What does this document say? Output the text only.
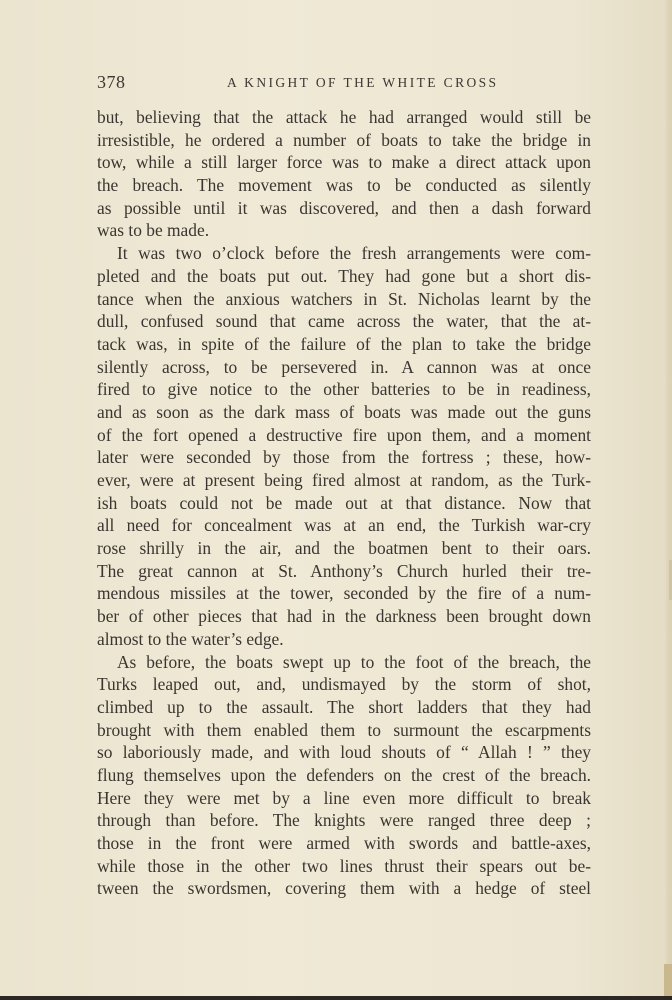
378	A KNIGHT OF THE WHITE CROSS
but, believing that the attack he had arranged would still be
irresistible, he ordered a number of boats to take the bridge in
tow, while a still larger force was to make a direct attack upon
the breach. The movement was to be conducted as silently
as possible until it was discovered, and then a dash forward
was to be made.
It was two o’clock before the fresh arrangements were com-
pleted and the boats put out. They had gone but a short dis-
tance when the anxious watchers in St. Nicholas learnt by the
dull, confused sound that came across the water, that the at-
tack was, in spite of the failure of the plan to take the bridge
silently across, to be persevered in. A cannon was at once
fired to give notice to the other batteries to be in readiness,
and as soon as the dark mass of boats was made out the guns
of the fort opened a destructive fire upon them, and a moment
later were seconded by those from the fortress ; these, how-
ever, were at present being fired almost at random, as the Turk-
ish boats could not be made out at that distance. Now that
all need for concealment was at an end, the Turkish war-cry
rose shrilly in the air, and the boatmen bent to their oars.
The great cannon at St. Anthony’s Church hurled their tre-
mendous missiles at the tower, seconded by the fire of a num-
ber of other pieces that had in the darkness been brought down
almost to the water’s edge.
As before, the boats swept up to the foot of the breach, the
Turks leaped out, and, undismayed by the storm of shot,
climbed up to the assault. The short ladders that they had
brought with them enabled them to surmount the escarpments
so laboriously made, and with loud shouts of “ Allah ! ” they
flung themselves upon the defenders on the crest of the breach.
Here they were met by a line even more difficult to break
through than before. The knights were ranged three deep ;
those in the front were armed with swords and battle-axes,
while those in the other two lines thrust their spears out be-
tween the swordsmen, covering them with a hedge of steel
